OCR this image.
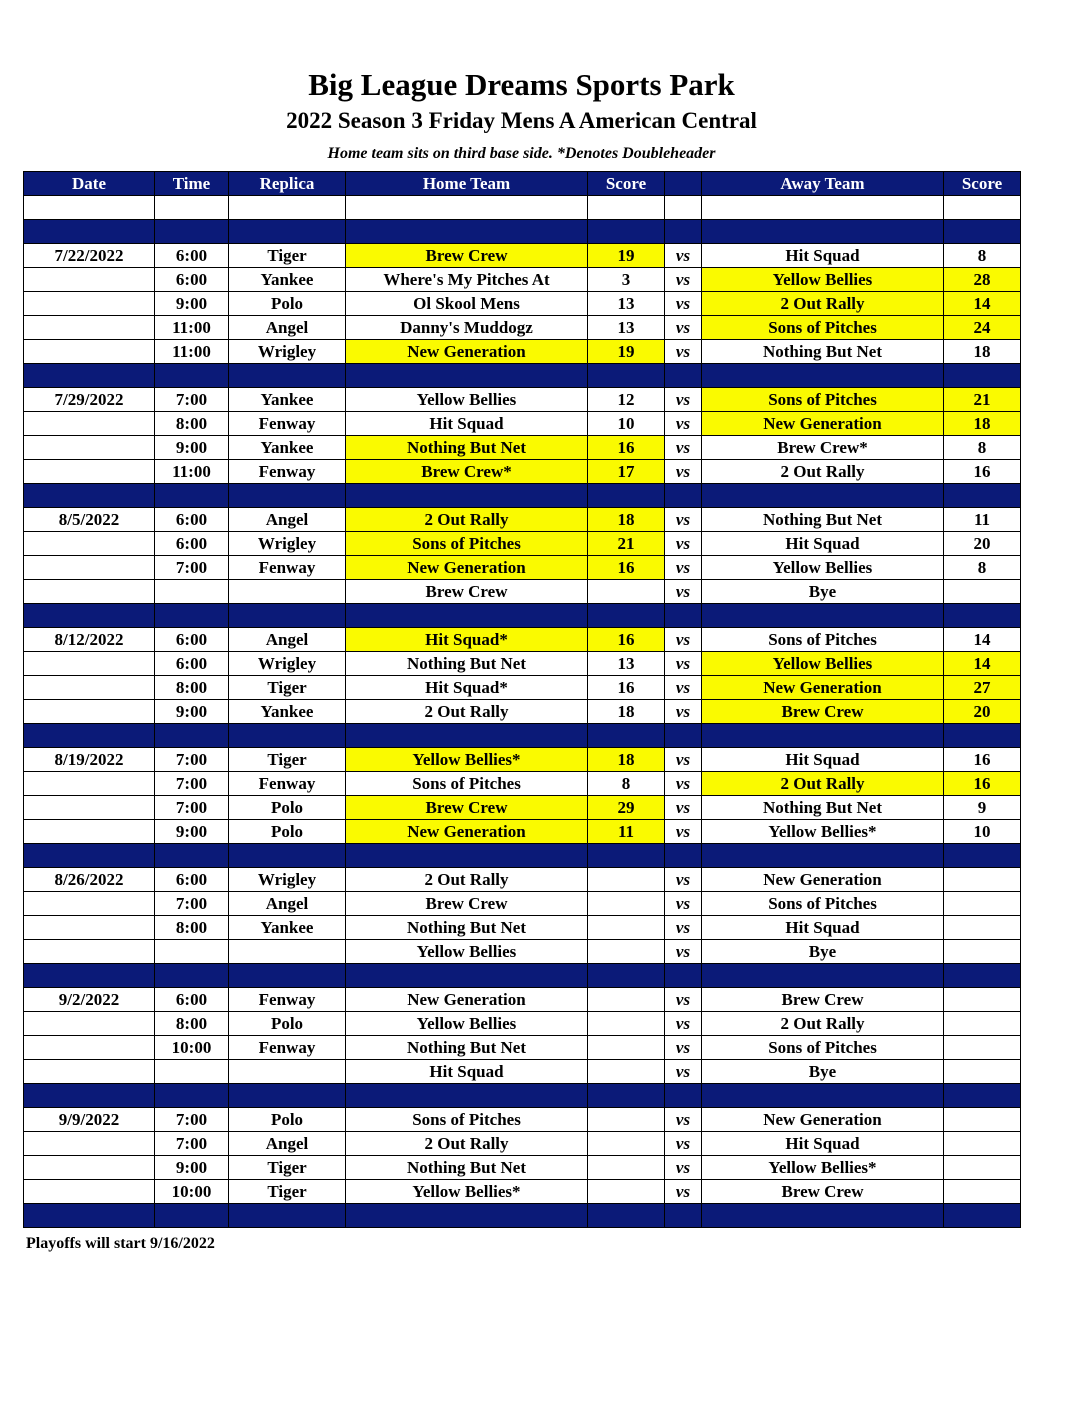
Big League Dreams Sports Park
2022 Season 3 Friday Mens A American Central
Home team sits on third base side. *Denotes Doubleheader
Date	Time	Replica	Home Team	Score		Away Team	Score

7/22/2022	6:00	Tiger	Brew Crew	19	vs	Hit Squad	8
	6:00	Yankee	Where's My Pitches At	3	vs	Yellow Bellies	28
	9:00	Polo	Ol Skool Mens	13	vs	2 Out Rally	14
	11:00	Angel	Danny's Muddogz	13	vs	Sons of Pitches	24
	11:00	Wrigley	New Generation	19	vs	Nothing But Net	18

7/29/2022	7:00	Yankee	Yellow Bellies	12	vs	Sons of Pitches	21
	8:00	Fenway	Hit Squad	10	vs	New Generation	18
	9:00	Yankee	Nothing But Net	16	vs	Brew Crew*	8
	11:00	Fenway	Brew Crew*	17	vs	2 Out Rally	16

8/5/2022	6:00	Angel	2 Out Rally	18	vs	Nothing But Net	11
	6:00	Wrigley	Sons of Pitches	21	vs	Hit Squad	20
	7:00	Fenway	New Generation	16	vs	Yellow Bellies	8
			Brew Crew		vs	Bye	

8/12/2022	6:00	Angel	Hit Squad*	16	vs	Sons of Pitches	14
	6:00	Wrigley	Nothing But Net	13	vs	Yellow Bellies	14
	8:00	Tiger	Hit Squad*	16	vs	New Generation	27
	9:00	Yankee	2 Out Rally	18	vs	Brew Crew	20

8/19/2022	7:00	Tiger	Yellow Bellies*	18	vs	Hit Squad	16
	7:00	Fenway	Sons of Pitches	8	vs	2 Out Rally	16
	7:00	Polo	Brew Crew	29	vs	Nothing But Net	9
	9:00	Polo	New Generation	11	vs	Yellow Bellies*	10

8/26/2022	6:00	Wrigley	2 Out Rally		vs	New Generation	
	7:00	Angel	Brew Crew		vs	Sons of Pitches	
	8:00	Yankee	Nothing But Net		vs	Hit Squad	
			Yellow Bellies		vs	Bye	

9/2/2022	6:00	Fenway	New Generation		vs	Brew Crew	
	8:00	Polo	Yellow Bellies		vs	2 Out Rally	
	10:00	Fenway	Nothing But Net		vs	Sons of Pitches	
			Hit Squad		vs	Bye	

9/9/2022	7:00	Polo	Sons of Pitches		vs	New Generation	
	7:00	Angel	2 Out Rally		vs	Hit Squad	
	9:00	Tiger	Nothing But Net		vs	Yellow Bellies*	
	10:00	Tiger	Yellow Bellies*		vs	Brew Crew	

Playoffs will start 9/16/2022
